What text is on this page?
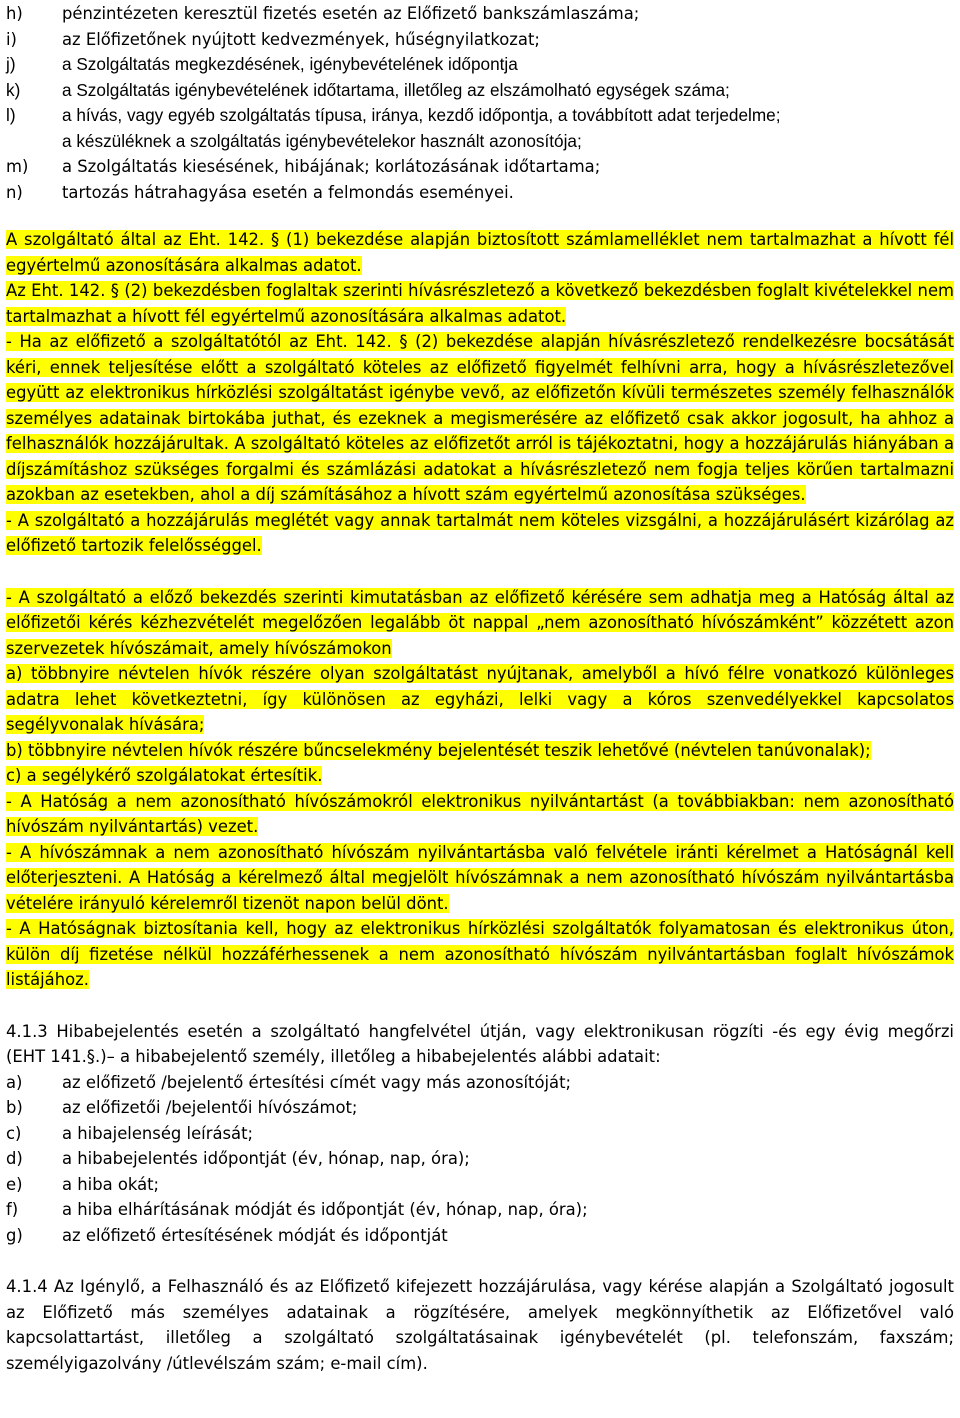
h) pénzintézeten keresztül fizetés esetén az Előfizető bankszámlaszáma;
i)	az Előfizetőnek nyújtott kedvezmények, hűségnyilatkozat;
j)	a Szolgáltatás megkezdésének, igénybevételének időpontja
k) a Szolgáltatás igénybevételének időtartama, illetőleg az elszámolható egységek száma;
l)	a hívás, vagy egyéb szolgáltatás típusa, iránya, kezdő időpontja, a továbbított adat terjedelme;
a készüléknek a szolgáltatás igénybevételekor használt azonosítója;
m) a Szolgáltatás kiesésének, hibájának; korlátozásának időtartama;
n) tartozás hátrahagyása esetén a felmondás eseményei.

A szolgáltató által az Eht. 142. § (1) bekezdése alapján biztosított számlamelléklet nem tartalmazhat a hívott fél egyértelmű azonosítására alkalmas adatot.

Az Eht. 142. § (2) bekezdésben foglaltak szerinti hívásrészletező a következő bekezdésben foglalt kivételekkel nem tartalmazhat a hívott fél egyértelmű azonosítására alkalmas adatot.

- Ha az előfizető a szolgáltatótól az Eht. 142. § (2) bekezdése alapján hívásrészletező rendelkezésre bocsátását kéri, ennek teljesítése előtt a szolgáltató köteles az előfizető figyelmét felhívni arra, hogy a hívásrészletezővel együtt az elektronikus hírközlési szolgáltatást igénybe vevő, az előfizetőn kívüli természetes személy felhasználók személyes adatainak birtokába juthat, és ezeknek a megismerésére az előfizető csak akkor jogosult, ha ahhoz a felhasználók hozzájárultak. A szolgáltató köteles az előfizetőt arról is tájékoztatni, hogy a hozzájárulás hiányában a díjszámításhoz szükséges forgalmi és számlázási adatokat a hívásrészletező nem fogja teljes körűen tartalmazni azokban az esetekben, ahol a díj számításához a hívott szám egyértelmű azonosítása szükséges.

- A szolgáltató a hozzájárulás meglétét vagy annak tartalmát nem köteles vizsgálni, a hozzájárulásért kizárólag az előfizető tartozik felelősséggel.

- A szolgáltató a előző bekezdés szerinti kimutatásban az előfizető kérésére sem adhatja meg a Hatóság által az előfizetői kérés kézhezvételét megelőzően legalább öt nappal „nem azonosítható hívószámként” közzétett azon szervezetek hívószámait, amely hívószámokon

a) többnyire névtelen hívók részére olyan szolgáltatást nyújtanak, amelyből a hívó félre vonatkozó különleges adatra lehet következtetni, így különösen az egyházi, lelki vagy a kóros szenvedélyekkel kapcsolatos segélyvonalak hívására;

b) többnyire névtelen hívók részére bűncselekmény bejelentését teszik lehetővé (névtelen tanúvonalak);

c) a segélykérő szolgálatokat értesítik.

- A Hatóság a nem azonosítható hívószámokról elektronikus nyilvántartást (a továbbiakban: nem azonosítható hívószám nyilvántartás) vezet.

- A hívószámnak a nem azonosítható hívószám nyilvántartásba való felvétele iránti kérelmet a Hatóságnál kell előterjeszteni. A Hatóság a kérelmező által megjelölt hívószámnak a nem azonosítható hívószám nyilvántartásba vételére irányuló kérelemről tizenöt napon belül dönt.

- A Hatóságnak biztosítania kell, hogy az elektronikus hírközlési szolgáltatók folyamatosan és elektronikus úton, külön díj fizetése nélkül hozzáférhessenek a nem azonosítható hívószám nyilvántartásban foglalt hívószámok listájához.

4.1.3 Hibabejelentés esetén a szolgáltató hangfelvétel útján, vagy elektronikusan rögzíti -és egy évig megőrzi (EHT 141.§.)– a hibabejelentő személy, illetőleg a hibabejelentés alábbi adatait:

a) az előfizető /bejelentő értesítési címét vagy más azonosítóját;
b) az előfizetői /bejelentői hívószámot;
c) a hibajelenség leírását;
d) a hibabejelentés időpontját (év, hónap, nap, óra);
e) a hiba okát;
f)	a hiba elhárításának módját és időpontját (év, hónap, nap, óra);
g) az előfizető értesítésének módját és időpontját

4.1.4 Az Igénylő, a Felhasználó és az Előfizető kifejezett hozzájárulása, vagy kérése alapján a Szolgáltató jogosult az Előfizető más személyes adatainak a rögzítésére, amelyek megkönnyíthetik az Előfizetővel való kapcsolattartást, illetőleg a szolgáltató szolgáltatásainak igénybevételét (pl. telefonszám, faxszám; személyigazolvány /útlevélszám szám; e-mail cím).
